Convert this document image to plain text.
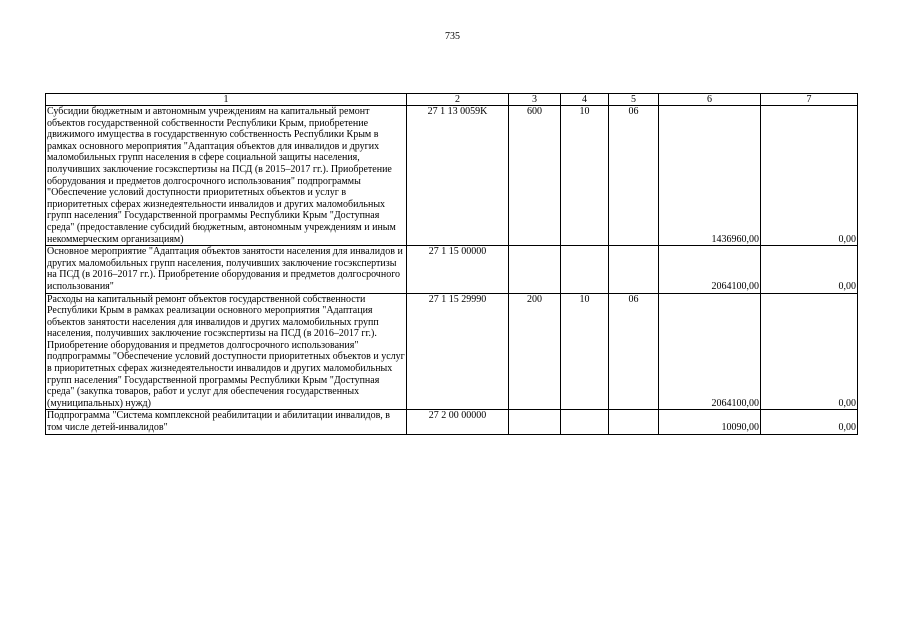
735
1	2	3	4	5	6	7
Субсидии бюджетным и автономным учреждениям на капитальный ремонт объектов государственной собственности Республики Крым, приобретение движимого имущества в государственную собственность Республики Крым в рамках основного мероприятия "Адаптация объектов для инвалидов и других маломобильных групп населения в сфере социальной защиты населения, получивших заключение госэкспертизы на ПСД (в 2015–2017 гг.). Приобретение оборудования и предметов долгосрочного использования" подпрограммы "Обеспечение условий доступности приоритетных объектов и услуг в приоритетных сферах жизнедеятельности инвалидов и других маломобильных групп населения" Государственной программы Республики Крым "Доступная среда" (предоставление субсидий бюджетным, автономным учреждениям и иным некоммерческим организациям)	27 1 13 0059K	600	10	06	1436960,00	0,00
Основное мероприятие "Адаптация объектов занятости населения для инвалидов и других маломобильных групп населения, получивших заключение госэкспертизы на ПСД (в 2016–2017 гг.). Приобретение оборудования и предметов долгосрочного использования"	27 1 15 00000				2064100,00	0,00
Расходы на капитальный ремонт объектов государственной собственности Республики Крым в рамках реализации основного мероприятия "Адаптация объектов занятости населения для инвалидов и других маломобильных групп населения, получивших заключение госэкспертизы на ПСД (в 2016–2017 гг.). Приобретение оборудования и предметов долгосрочного использования" подпрограммы "Обеспечение условий доступности приоритетных объектов и услуг в приоритетных сферах жизнедеятельности инвалидов и других маломобильных групп населения" Государственной программы Республики Крым "Доступная среда" (закупка товаров, работ и услуг для обеспечения государственных (муниципальных) нужд)	27 1 15 29990	200	10	06	2064100,00	0,00
Подпрограмма "Система комплексной реабилитации и абилитации инвалидов, в том числе детей-инвалидов"	27 2 00 00000				10090,00	0,00
